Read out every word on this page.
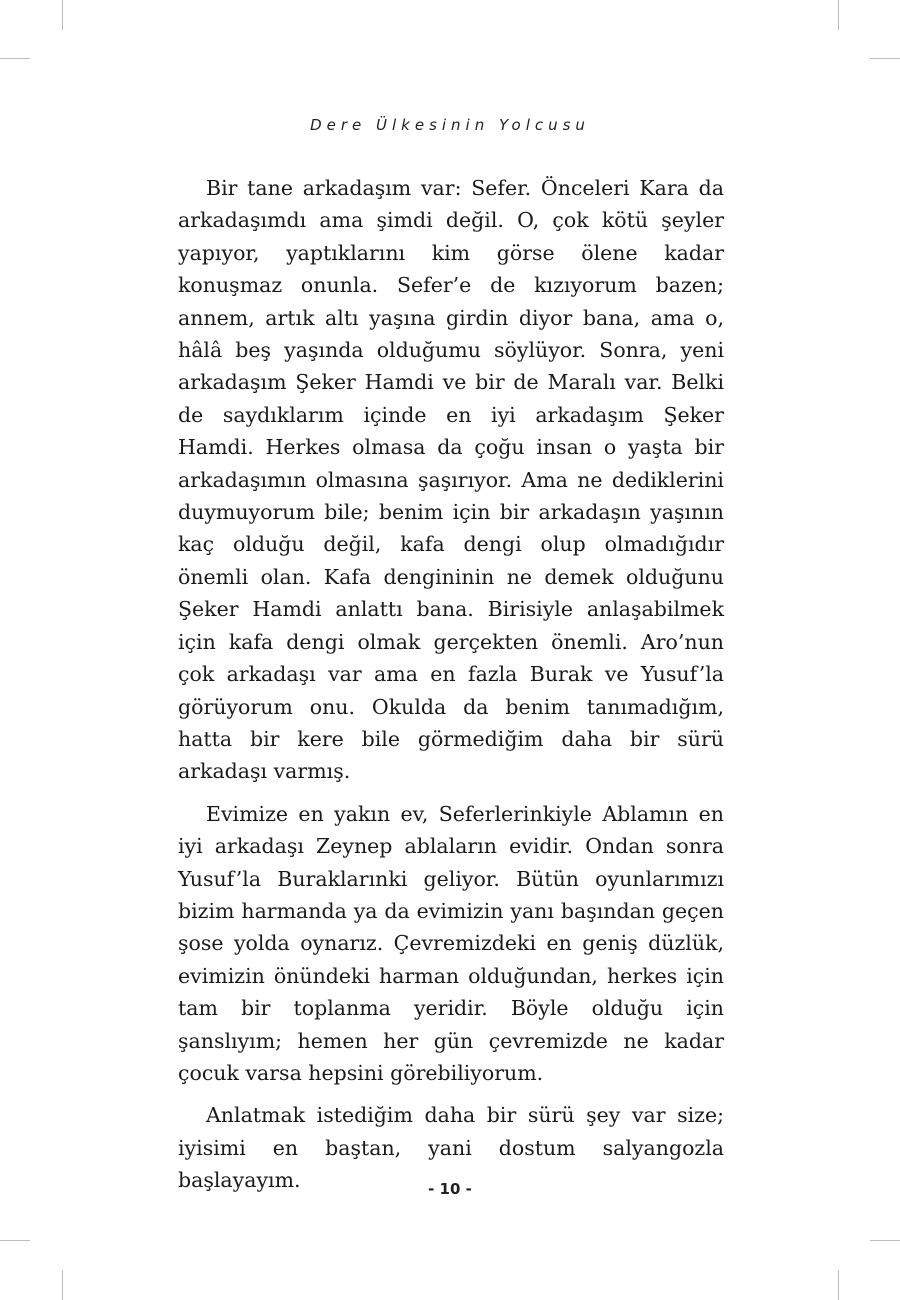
Dere Ülkesinin Yolcusu

Bir tane arkadaşım var: Sefer. Önceleri Kara da arkadaşımdı ama şimdi değil. O, çok kötü şeyler yapıyor, yaptıklarını kim görse ölene kadar konuşmaz onunla. Sefer’e de kızıyorum bazen; annem, artık altı yaşına girdin diyor bana, ama o, hâlâ beş yaşında olduğumu söylüyor. Sonra, yeni arkadaşım Şeker Hamdi ve bir de Maralı var. Belki de saydıklarım içinde en iyi arkadaşım Şeker Hamdi. Herkes olmasa da çoğu insan o yaşta bir arkadaşımın olmasına şaşırıyor. Ama ne dediklerini duymuyorum bile; benim için bir arkadaşın yaşının kaç olduğu değil, kafa dengi olup olmadığıdır önemli olan. Kafa dengininin ne demek olduğunu Şeker Hamdi anlattı bana. Birisiyle anlaşabilmek için kafa dengi olmak gerçekten önemli. Aro’nun çok arkadaşı var ama en fazla Burak ve Yusuf’la görüyorum onu. Okulda da benim tanımadığım, hatta bir kere bile görmediğim daha bir sürü arkadaşı varmış.

Evimize en yakın ev, Seferlerinkiyle Ablamın en iyi arkadaşı Zeynep ablaların evidir. Ondan sonra Yusuf’la Buraklarınki geliyor. Bütün oyunlarımızı bizim harmanda ya da evimizin yanı başından geçen şose yolda oynarız. Çevremizdeki en geniş düzlük, evimizin önündeki harman olduğundan, herkes için tam bir toplanma yeridir. Böyle olduğu için şanslıyım; hemen her gün çevremizde ne kadar çocuk varsa hepsini görebiliyorum.

Anlatmak istediğim daha bir sürü şey var size; iyisimi en baştan, yani dostum salyangozla başlayayım.	- 10 -
